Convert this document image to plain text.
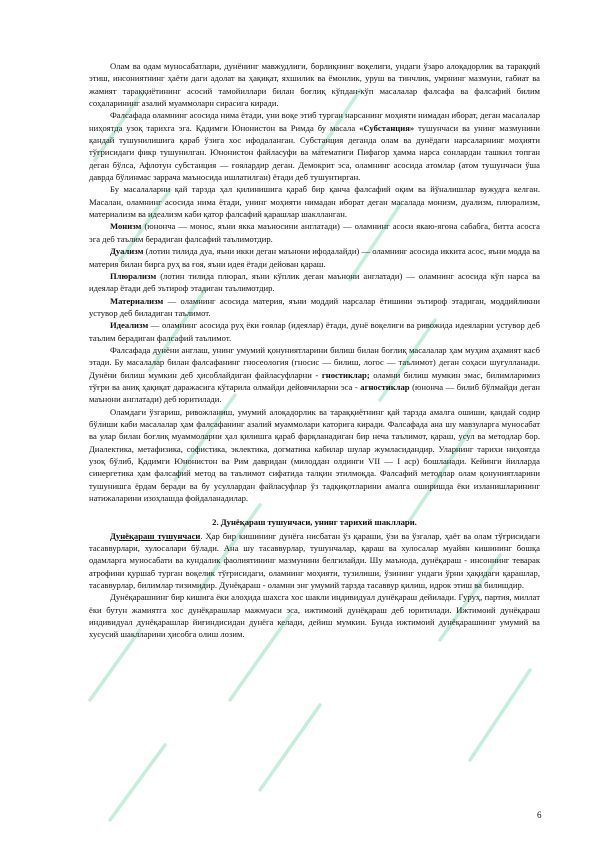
Олам ва одам муносабатлари, дунёнинг мавжудлиги, борлиқнинг воқелиги, ундаги ўзаро алоқадорлик ва тараққий этиш, инсониятнинг ҳаёти даги адолат ва ҳақиқат, яхшилик ва ёмонлик, уруш ва тинчлик, умрнинг мазмуни, габиат ва жамият тараққиётининг асосий тамойиллари билан боғлиқ кўпдан-кўп масалалар фалсафа ва фалсафий билим соҳаларининг азалий муаммоларн сирасига киради.

Фалсафада оламнинг асосида нима ётади, уни воқе этиб турган нарсанинг моҳияти нимадан иборат, деган масалалар ниҳоятда узоқ тарихга эга. Қадимги Юнонистон ва Римда бу масала «Субстанция» тушунчаси ва унинг мазмунини қандай тушунилишига қараб ўзига хос ифодаланган. Субстанция деганда олам ва дунёдаги нарсаларнинг моҳияти тўғрисидаги фикр тушунилган. Юнонистон файласуфи ва математиги Пифагор ҳамма нарса сонлардан ташкил топган деган бўлса, Афлотун субстанция — ғоялардир деган. Демокрит эса, оламнинг асосида атомлар (атом тушунчаси ўша даврда бўлинмас заррача маъносида ишлатилган) ётади деб тушунтирган.

Бу масалаларни қай тарзда ҳал қилинишига қараб бир қанча фалсафий оқим ва йўналишлар вужудга келган. Масалан, оламнинг асосида нима ётади, унинг моҳияти нимадан иборат деган масалада монизм, дуализм, плюрализм, материализм ва идеализм каби қатор фалсафий қарашлар шаклланган.

Монизм (юнонча — монос, яъни якка маъносини англатади) — оламнинг асоси якаю-ягона сабабга, битта асосга эга деб таълим берадиган фалсафий таълимотдир.

Дуализм (лотин тилида дуа, яъни икки деган маънони ифодалайди) — оламнинг асосида иккита асос, яъни модда ва материя билан бирга руҳ ва ғоя, яъни идея ётади дейован қараш.

Плюрализм (лотин тилида плюрал, яъни кўплик деган маънони англатади) — оламнинг асосида кўп нарса ва идеялар ётади деб эътироф этадиган таълимотдир.

Материализм — оламнинг асосида материя, яъни моддий нарсалар ётишини эътироф этадиган, моддийликни устувор деб биладиган таълимот.

Идеализм — оламнинг асосида руҳ ёки ғоялар (идеялар) ётади, дунё воқелиги ва ривожида идеяларни устувор деб таълим берадиган фалсафий таълимот.

Фалсафада дунёни англаш, унинг умумий қонуниятларини билиш билан боғлиқ масалалар ҳам муҳим аҳамият касб этади. Бу масалалар билан фалсафанинг гносеология (гносис — билиш, логос — таълимот) деган соҳаси шуғулланади. Дунёни билиш мумкин деб ҳисоблайдиган файласуфларни - гностиклар; оламни билиш мумкин эмас, билимларимиз тўғри ва аниқ ҳақиқат даражасига кўтарила олмайди дейовчиларни эса - агностиклар (юнонча — билиб бўлмайди деган маънони англатади) деб юритилади.

Оламдаги ўзгариш, ривожланиш, умумий алоқадорлик ва тараққиётнинг қай тарзда амалга ошиши, қандай содир бўлиши каби масалалар ҳам фалсафанинг азалий муаммолари каторига киради. Фалсафада ана шу мавзуларга муносабат ва улар билан боғлиқ муаммоларни ҳал қилишга қараб фарқланадиган бир неча таълимот, қараш, усул ва методлар бор. Диалектика, метафизика, софистика, эклектика, догматика кабилар шулар жумласидандир. Уларнинг тарихи ниҳоятда узоқ бўлиб, Қадимги Юнонистон ва Рим давридан (милоддан олдинги VII — I аср) бошланади. Кейинги йилларда синергетика ҳам фалсафий метод ва таълимот сифатида талқин этилмоқда. Фалсафий методлар олам қонуниятларини тушунишга ёрдам беради ва бу усуллардан файласуфлар ўз тадқиқотларини амалга оширишда ёки изланишларининг натижаларини изоҳлашда фойдаланадилар.

2. Дунёқараш тушунчаси, унинг тарихий шакллари.

Дунёқараш тушунчаси. Ҳар бир кишининг дунёга нисбатан ўз қараши, ўзи ва ўзгалар, ҳаёт ва олам тўғрисидаги тасаввурлари, хулосалари бўлади. Ана шу тасаввурлар, тушунчалар, қараш ва хулосалар муайян кишининг бошқа одамларга муносабати ва кундалик фаолиятининг мазмунини белгилайди. Шу маънода, дунёқараш - инсоннинг теварак атрофини қуршаб турган воқелик тўғрисидаги, оламнинг моҳияти, тузилиши, ўзининг ундаги ўрни ҳақидаги қарашлар, тасаввурлар, билимлар тизимидир. Дунёқараш - оламни энг умумий тарзда тасаввур қилиш, идрок этиш ва билишдир.

Дунёқарашнинг бир кишига ёки алоҳида шахсга хос шакли индивидуал дунёқараш дейилади. Гуруҳ, партия, миллат ёки бутун жамиятга хос дунёқарашлар мажмуаси эса, ижтимоий дунёқараш деб юритилади. Ижтимоий дунёқараш индивидуал дунёқарашлар йиғиндисидан дунёга келади, дейиш мумкин. Бунда ижтимоий дунёқарашнинг умумий ва хусусий шаклларини ҳисобга олиш лозим.

6
